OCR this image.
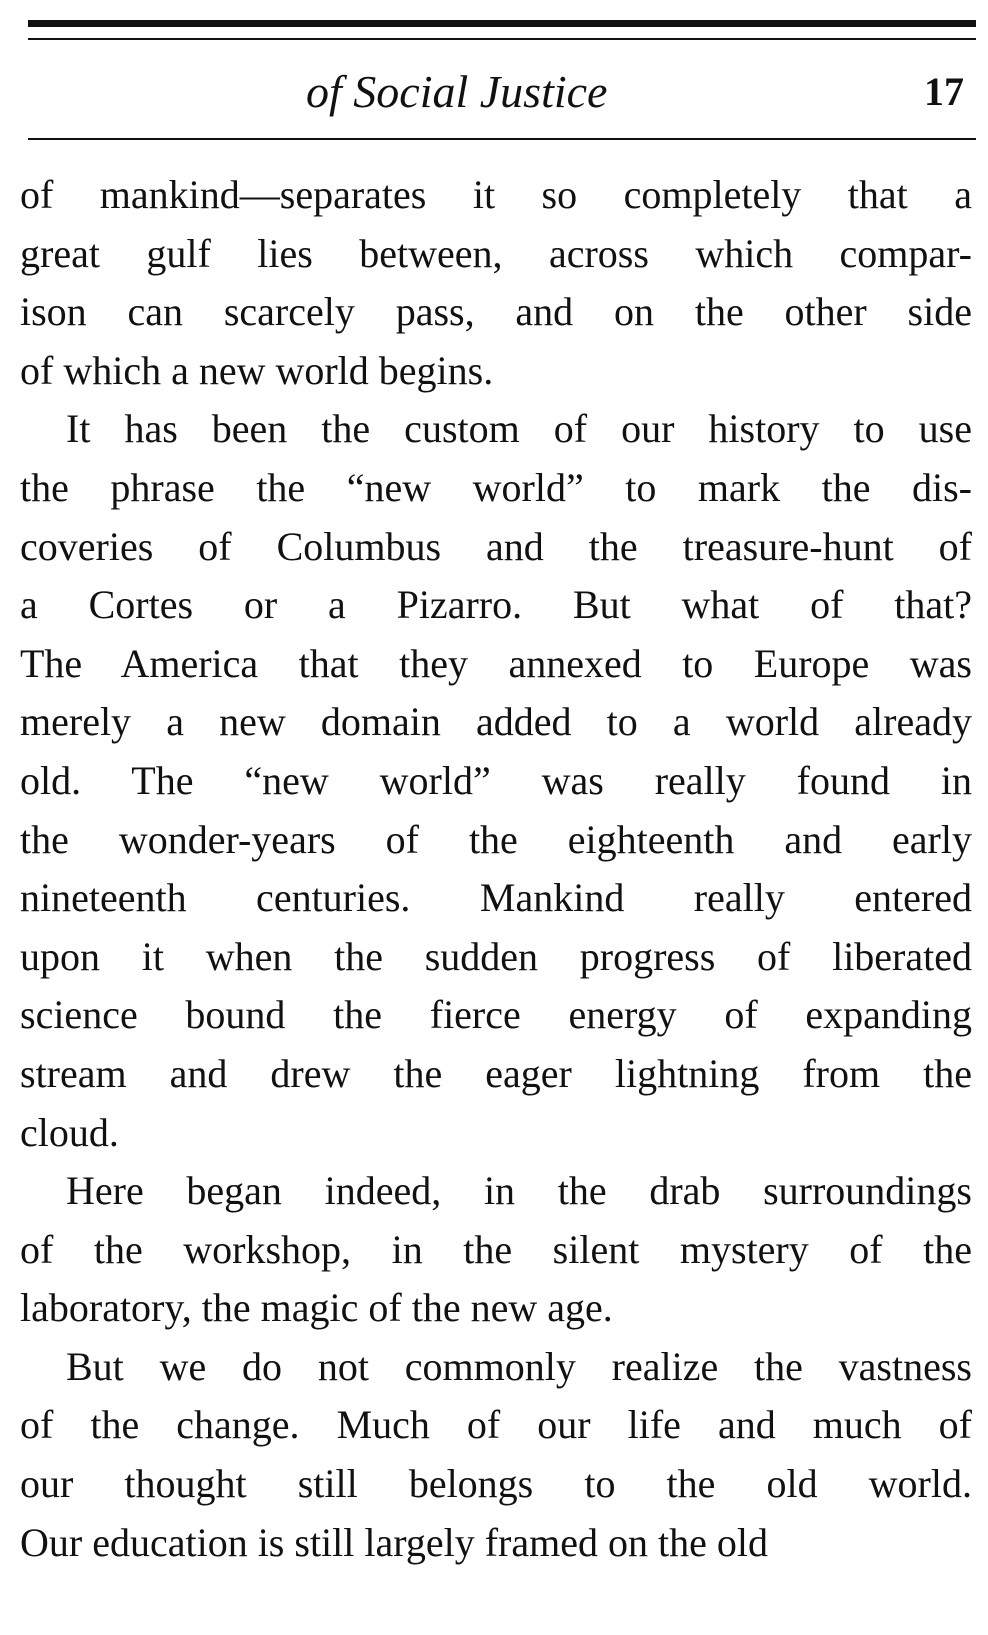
of Social Justice	17
of mankind—separates it so completely that a
great gulf lies between, across which compar-
ison can scarcely pass, and on the other side
of which a new world begins.
It has been the custom of our history to use
the phrase the “new world” to mark the dis-
coveries of Columbus and the treasure-hunt of
a Cortes or a Pizarro. But what of that?
The America that they annexed to Europe was
merely a new domain added to a world already
old. The “new world” was really found in
the wonder-years of the eighteenth and early
nineteenth centuries. Mankind really entered
upon it when the sudden progress of liberated
science bound the fierce energy of expanding
stream and drew the eager lightning from the
cloud.
Here began indeed, in the drab surroundings
of the workshop, in the silent mystery of the
laboratory, the magic of the new age.
But we do not commonly realize the vastness
of the change. Much of our life and much of
our thought still belongs to the old world.
Our education is still largely framed on the old
